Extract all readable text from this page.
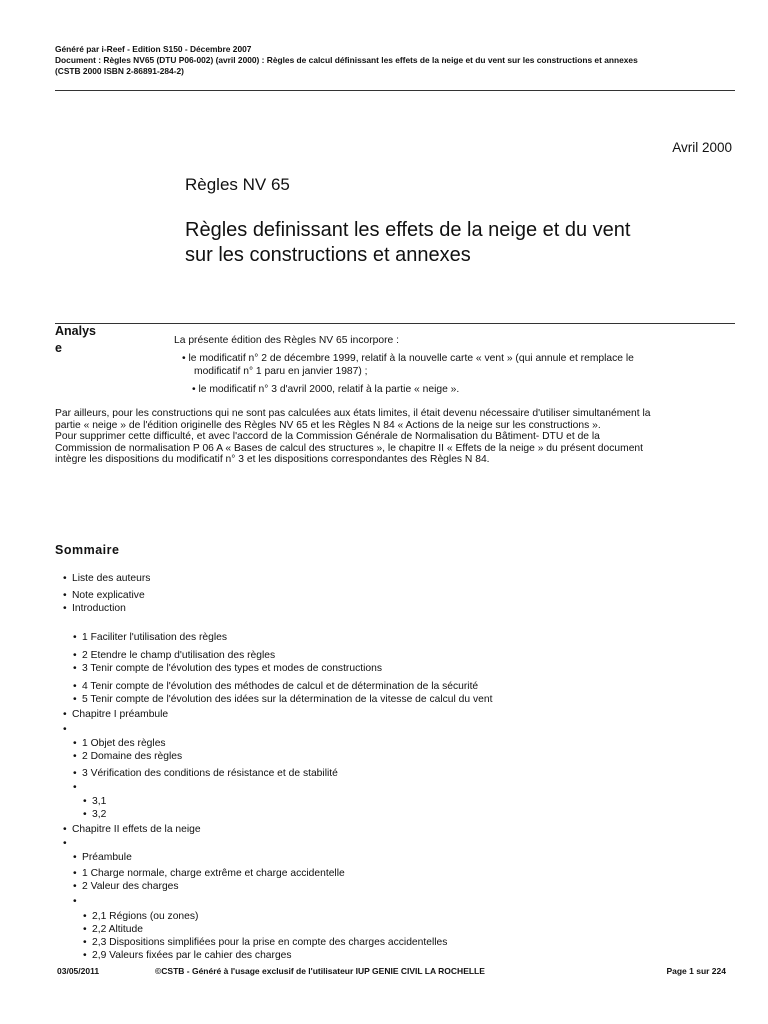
Généré par i-Reef - Edition S150 - Décembre 2007
Document : Règles NV65 (DTU P06-002) (avril 2000) : Règles de calcul définissant les effets de la neige et du vent sur les constructions et annexes
(CSTB 2000 ISBN 2-86891-284-2)
Avril 2000
Règles NV 65
Règles definissant les effets de la neige et du vent
sur les constructions et annexes
Analys
e
La présente édition des Règles NV 65 incorpore :
• le modificatif n° 2 de décembre 1999, relatif à la nouvelle carte « vent » (qui annule et remplace le
modificatif n° 1 paru en janvier 1987) ;
• le modificatif n° 3 d'avril 2000, relatif à la partie « neige ».
Par ailleurs, pour les constructions qui ne sont pas calculées aux états limites, il était devenu nécessaire d'utiliser simultanément la
partie « neige » de l'édition originelle des Règles NV 65 et les Règles N 84 « Actions de la neige sur les constructions ».
Pour supprimer cette difficulté, et avec l'accord de la Commission Générale de Normalisation du Bâtiment- DTU et de la
Commission de normalisation P 06 A « Bases de calcul des structures », le chapitre II « Effets de la neige » du présent document
intègre les dispositions du modificatif n° 3 et les dispositions correspondantes des Règles N 84.
Sommaire
• Liste des auteurs
• Note explicative
• Introduction
• 1 Faciliter l'utilisation des règles
• 2 Etendre le champ d'utilisation des règles
• 3 Tenir compte de l'évolution des types et modes de constructions
• 4 Tenir compte de l'évolution des méthodes de calcul et de détermination de la sécurité
• 5 Tenir compte de l'évolution des idées sur la détermination de la vitesse de calcul du vent
• Chapitre I préambule
•
• 1 Objet des règles
• 2 Domaine des règles
• 3 Vérification des conditions de résistance et de stabilité
•
• 3,1
• 3,2
• Chapitre II effets de la neige
•
• Préambule
• 1 Charge normale, charge extrême et charge accidentelle
• 2 Valeur des charges
•
• 2,1 Régions (ou zones)
• 2,2 Altitude
• 2,3 Dispositions simplifiées pour la prise en compte des charges accidentelles
• 2,9 Valeurs fixées par le cahier des charges
03/05/2011	©CSTB - Généré à l'usage exclusif de l'utilisateur IUP GENIE CIVIL LA ROCHELLE	Page 1 sur 224
